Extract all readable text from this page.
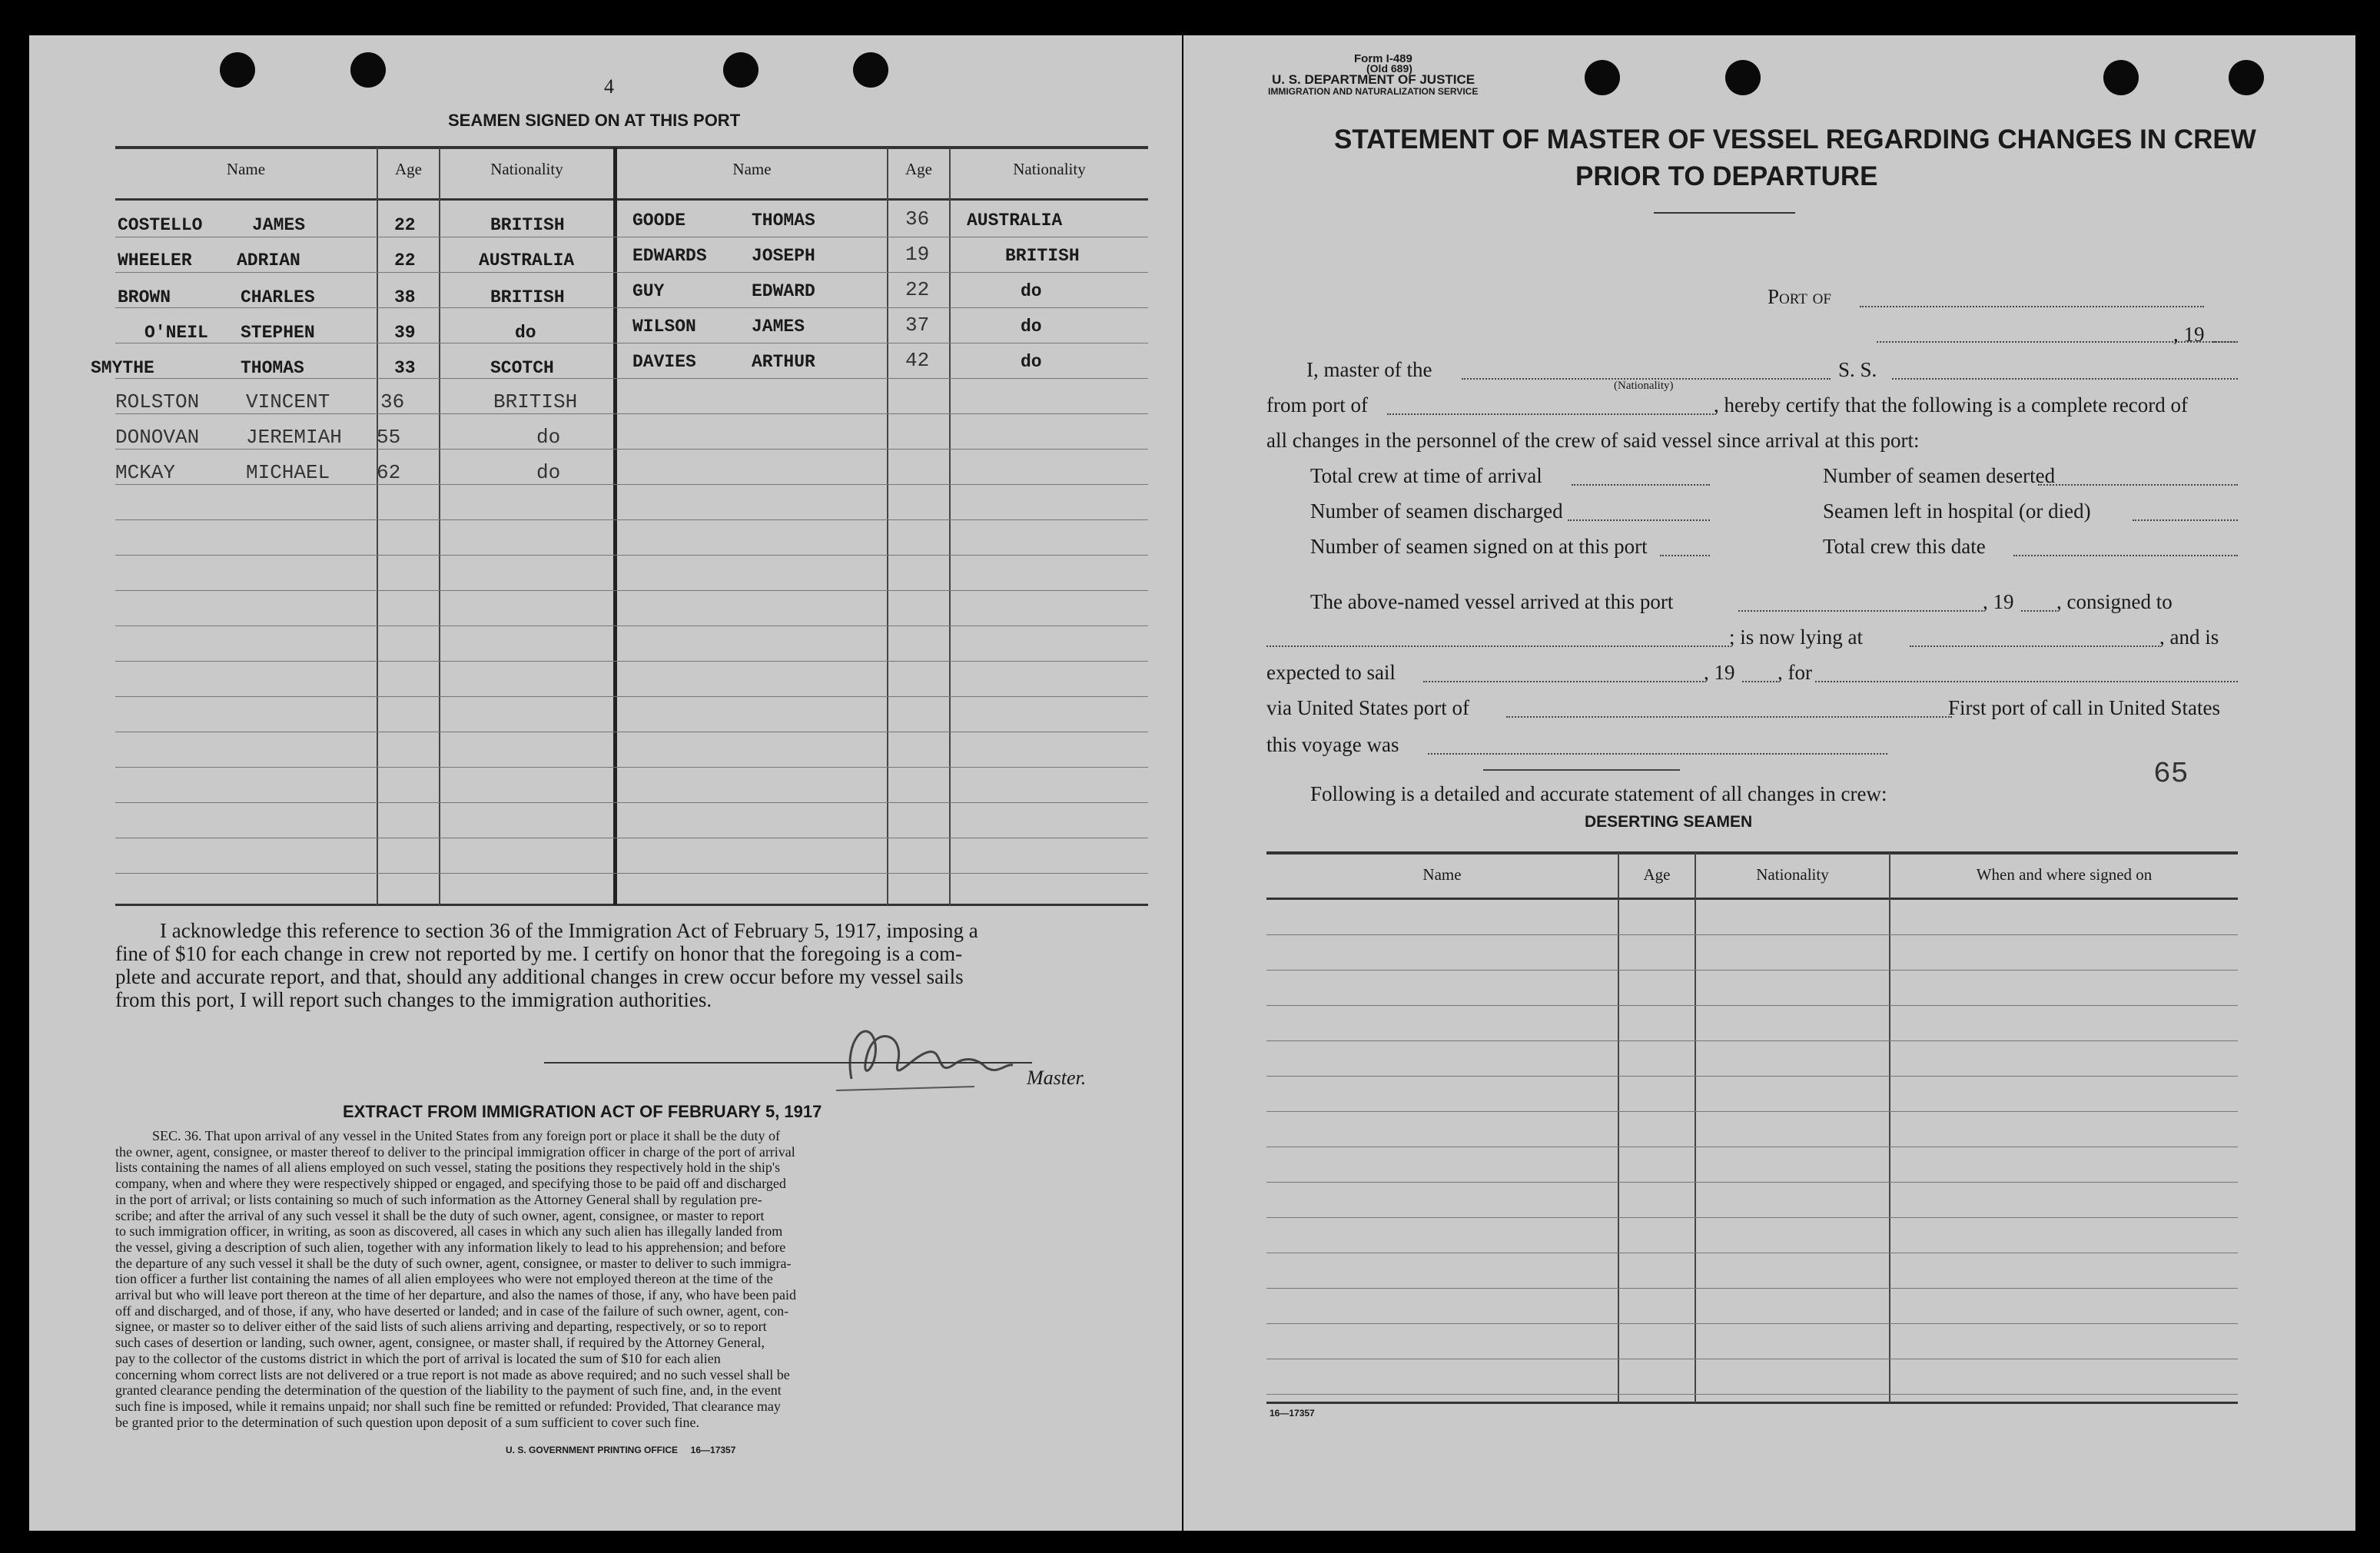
4
SEAMEN SIGNED ON AT THIS PORT
Name	Age	Nationality	Name	Age	Nationality
COSTELLO	JAMES	22	BRITISH
WHEELER	ADRIAN	22	AUSTRALIA
BROWN	CHARLES	38	BRITISH
O'NEIL STEPHEN	39	do
SMYTHE	THOMAS	33	SCOTCH
ROLSTON VINCENT	36	BRITISH
DONOVAN JEREMIAH 55	do
MCKAY	MICHAEL 62	do
GOODE	THOMAS	36 AUSTRALIA
EDWARDS	JOSEPH	19	BRITISH
GUY	EDWARD	22	do
WILSON	JAMES	37	do
DAVIES	ARTHUR	42	do
I acknowledge this reference to section 36 of the Immigration Act of February 5, 1917, imposing a
fine of $10 for each change in crew not reported by me. I certify on honor that the foregoing is a com-
plete and accurate report, and that, should any additional changes in crew occur before my vessel sails
from this port, I will report such changes to the immigration authorities.
Master.
EXTRACT FROM IMMIGRATION ACT OF FEBRUARY 5, 1917
SEC. 36. That upon arrival of any vessel in the United States from any foreign port or place it shall be the duty of
the owner, agent, consignee, or master thereof to deliver to the principal immigration officer in charge of the port of arrival
lists containing the names of all aliens employed on such vessel, stating the positions they respectively hold in the ship's
company, when and where they were respectively shipped or engaged, and specifying those to be paid off and discharged
in the port of arrival; or lists containing so much of such information as the Attorney General shall by regulation pre-
scribe; and after the arrival of any such vessel it shall be the duty of such owner, agent, consignee, or master to report
to such immigration officer, in writing, as soon as discovered, all cases in which any such alien has illegally landed from
the vessel, giving a description of such alien, together with any information likely to lead to his apprehension; and before
the departure of any such vessel it shall be the duty of such owner, agent, consignee, or master to deliver to such immigra-
tion officer a further list containing the names of all alien employees who were not employed thereon at the time of the
arrival but who will leave port thereon at the time of her departure, and also the names of those, if any, who have been paid
off and discharged, and of those, if any, who have deserted or landed; and in case of the failure of such owner, agent, con-
signee, or master so to deliver either of the said lists of such aliens arriving and departing, respectively, or so to report
such cases of desertion or landing, such owner, agent, consignee, or master shall, if required by the Attorney General,
pay to the collector of the customs district in which the port of arrival is located the sum of $10 for each alien
concerning whom correct lists are not delivered or a true report is not made as above required; and no such vessel shall be
granted clearance pending the determination of the question of the liability to the payment of such fine, and, in the event
such fine is imposed, while it remains unpaid; nor shall such fine be remitted or refunded: Provided, That clearance may
be granted prior to the determination of such question upon deposit of a sum sufficient to cover such fine.
U. S. GOVERNMENT PRINTING OFFICE     16—17357
Form I-489
(Old 689)
U. S. DEPARTMENT OF JUSTICE
IMMIGRATION AND NATURALIZATION SERVICE
STATEMENT OF MASTER OF VESSEL REGARDING CHANGES IN CREW
PRIOR TO DEPARTURE
Port of
, 19
I, master of the
(Nationality)
S. S.
from port of	, hereby certify that the following is a complete record of
all changes in the personnel of the crew of said vessel since arrival at this port:
Total crew at time of arrival	Number of seamen deserted
Number of seamen discharged	Seamen left in hospital (or died)
Number of seamen signed on at this port	Total crew this date
The above-named vessel arrived at this port	, 19 , consigned to
; is now lying at	, and is
expected to sail	, 19 , for
via United States port of	First port of call in United States
this voyage was
65
Following is a detailed and accurate statement of all changes in crew:
DESERTING SEAMEN
Name	Age	Nationality	When and where signed on
16—17357
